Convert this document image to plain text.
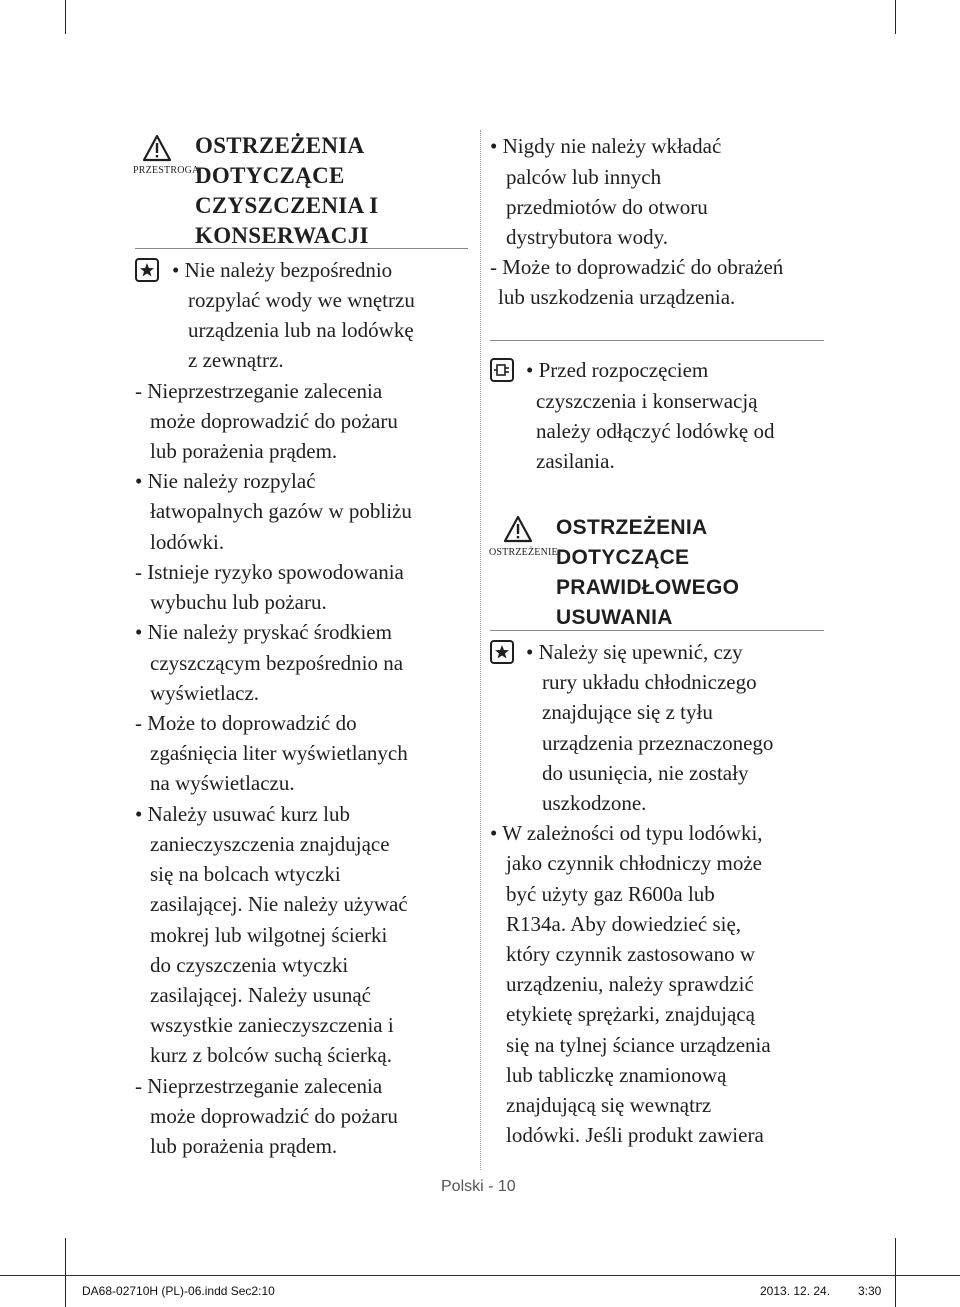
PRZESTROGA
OSTRZEŻENIA
DOTYCZĄCE
CZYSZCZENIA I
KONSERWACJI
• Nie należy bezpośrednio
rozpylać wody we wnętrzu
urządzenia lub na lodówkę
z zewnątrz.
- Nieprzestrzeganie zalecenia
może doprowadzić do pożaru
lub porażenia prądem.
• Nie należy rozpylać
łatwopalnych gazów w pobliżu
lodówki.
- Istnieje ryzyko spowodowania
wybuchu lub pożaru.
• Nie należy pryskać środkiem
czyszczącym bezpośrednio na
wyświetlacz.
- Może to doprowadzić do
zgaśnięcia liter wyświetlanych
na wyświetlaczu.
• Należy usuwać kurz lub
zanieczyszczenia znajdujące
się na bolcach wtyczki
zasilającej. Nie należy używać
mokrej lub wilgotnej ścierki
do czyszczenia wtyczki
zasilającej. Należy usunąć
wszystkie zanieczyszczenia i
kurz z bolców suchą ścierką.
- Nieprzestrzeganie zalecenia
może doprowadzić do pożaru
lub porażenia prądem.
• Nigdy nie należy wkładać
palców lub innych
przedmiotów do otworu
dystrybutora wody.
- Może to doprowadzić do obrażeń
lub uszkodzenia urządzenia.
• Przed rozpoczęciem
czyszczenia i konserwacją
należy odłączyć lodówkę od
zasilania.
OSTRZEŻENIE
OSTRZEŻENIA
DOTYCZĄCE
PRAWIDŁOWEGO
USUWANIA
• Należy się upewnić, czy
rury układu chłodniczego
znajdujące się z tyłu
urządzenia przeznaczonego
do usunięcia, nie zostały
uszkodzone.
• W zależności od typu lodówki,
jako czynnik chłodniczy może
być użyty gaz R600a lub
R134a. Aby dowiedzieć się,
który czynnik zastosowano w
urządzeniu, należy sprawdzić
etykietę sprężarki, znajdującą
się na tylnej ściance urządzenia
lub tabliczkę znamionową
znajdującą się wewnątrz
lodówki. Jeśli produkt zawiera
Polski - 10
DA68-02710H (PL)-06.indd Sec2:10	2013. 12. 24. 3:30
